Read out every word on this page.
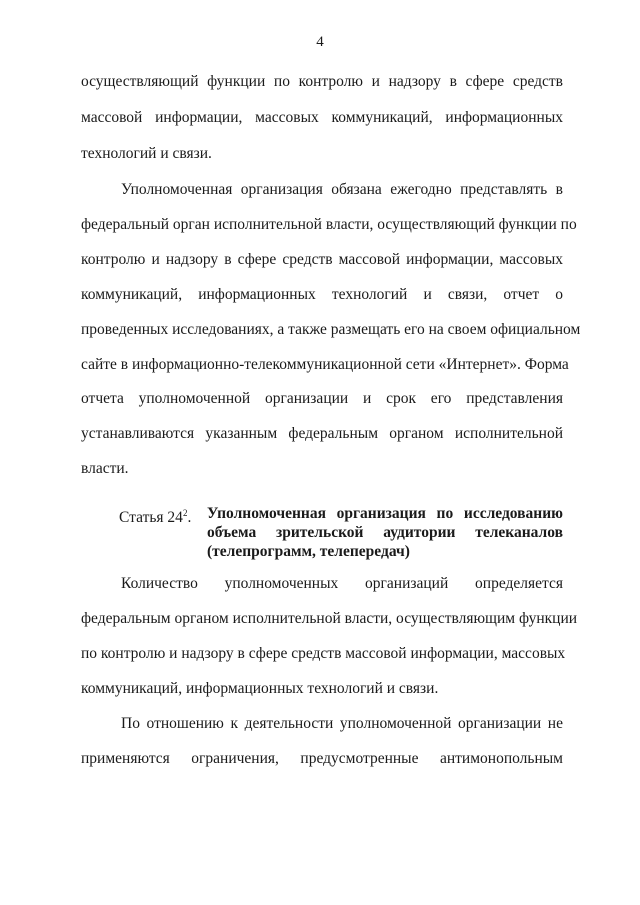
4
осуществляющий функции по контролю и надзору в сфере средств
массовой информации, массовых коммуникаций, информационных
технологий и связи.
Уполномоченная организация обязана ежегодно представлять в
федеральный орган исполнительной власти, осуществляющий функции по
контролю и надзору в сфере средств массовой информации, массовых
коммуникаций, информационных технологий и связи, отчет о
проведенных исследованиях, а также размещать его на своем официальном
сайте в информационно-телекоммуникационной сети «Интернет». Форма
отчета уполномоченной организации и срок его представления
устанавливаются указанным федеральным органом исполнительной
власти.
Статья $24^2$. Уполномоченная организация по исследованию
объема зрительской аудитории телеканалов
(телепрограмм, телепередач)
Количество уполномоченных организаций определяется
федеральным органом исполнительной власти, осуществляющим функции
по контролю и надзору в сфере средств массовой информации, массовых
коммуникаций, информационных технологий и связи.
По отношению к деятельности уполномоченной организации не
применяются ограничения, предусмотренные антимонопольным
